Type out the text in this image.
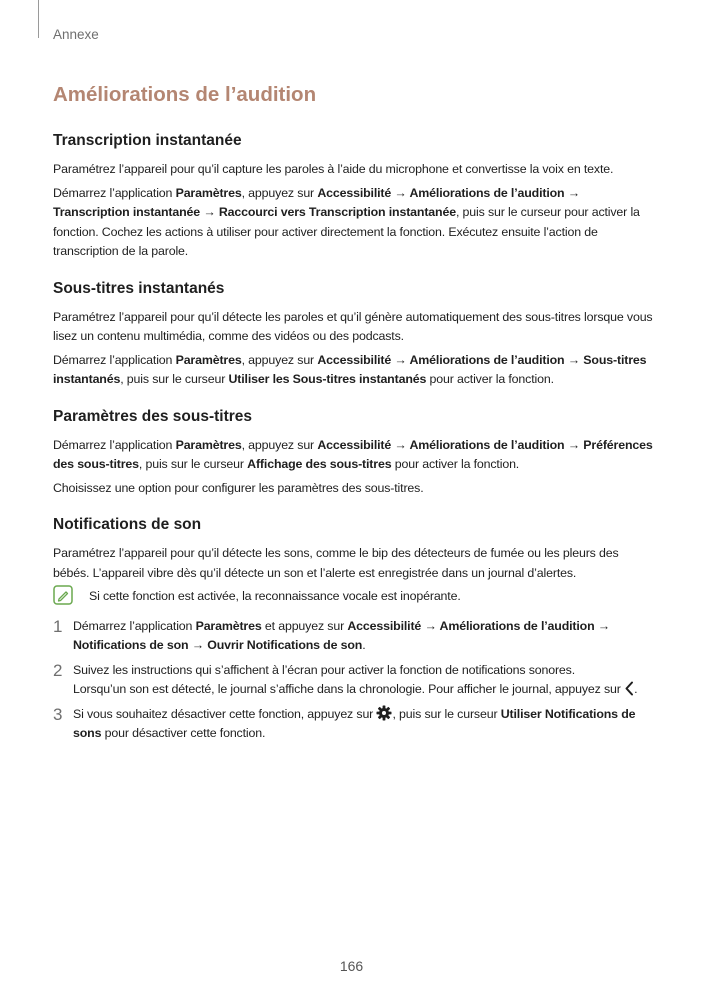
Annexe
Améliorations de l’audition
Transcription instantanée

Paramétrez l’appareil pour qu’il capture les paroles à l’aide du microphone et convertisse la voix en texte.

Démarrez l’application Paramètres, appuyez sur Accessibilité → Améliorations de l’audition → Transcription instantanée → Raccourci vers Transcription instantanée, puis sur le curseur pour activer la fonction. Cochez les actions à utiliser pour activer directement la fonction. Exécutez ensuite l’action de transcription de la parole.

Sous-titres instantanés

Paramétrez l’appareil pour qu’il détecte les paroles et qu’il génère automatiquement des sous-titres lorsque vous lisez un contenu multimédia, comme des vidéos ou des podcasts.

Démarrez l’application Paramètres, appuyez sur Accessibilité → Améliorations de l’audition → Sous-titres instantanés, puis sur le curseur Utiliser les Sous-titres instantanés pour activer la fonction.

Paramètres des sous-titres

Démarrez l’application Paramètres, appuyez sur Accessibilité → Améliorations de l’audition → Préférences des sous-titres, puis sur le curseur Affichage des sous-titres pour activer la fonction.

Choisissez une option pour configurer les paramètres des sous-titres.

Notifications de son

Paramétrez l’appareil pour qu’il détecte les sons, comme le bip des détecteurs de fumée ou les pleurs des bébés. L’appareil vibre dès qu’il détecte un son et l’alerte est enregistrée dans un journal d’alertes.

Si cette fonction est activée, la reconnaissance vocale est inopérante.
1 Démarrez l’application Paramètres et appuyez sur Accessibilité → Améliorations de l’audition → Notifications de son → Ouvrir Notifications de son.

2 Suivez les instructions qui s’affichent à l’écran pour activer la fonction de notifications sonores.

Lorsqu’un son est détecté, le journal s’affiche dans la chronologie. Pour afficher le journal, appuyez sur .

3 Si vous souhaitez désactiver cette fonction, appuyez sur , puis sur le curseur Utiliser Notifications de sons pour désactiver cette fonction.

166
